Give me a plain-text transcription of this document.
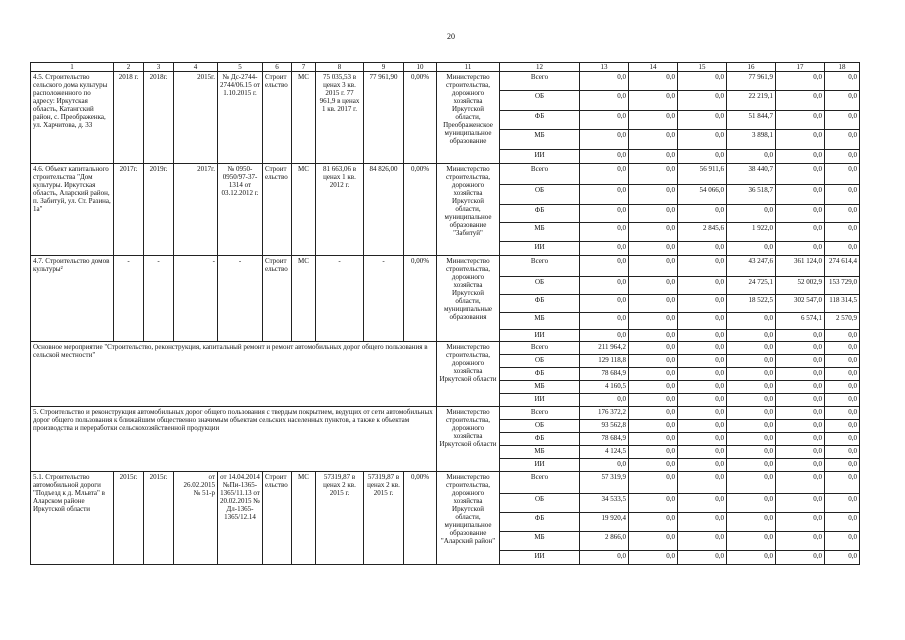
20
1	2	3	4	5	6	7	8	9	10	11	12	13	14	15	16	17	18
4.5. Строительство сельского дома культуры расположенного по адресу: Иркутская область, Катангский район, с. Преображенка, ул. Харчитова, д. 33	2018 г.	2018г.	2015г.	№ Дс-2744-2744/06.15 от 1.10.2015 г.	Строительство	МС	75 035,53 в ценах 3 кв. 2015 г. 77 961,9 в ценах 1 кв. 2017 г.	77 961,90	0,00%	Министерство строительства, дорожного хозяйства Иркутской области, Преображенское муниципальное образование	Всего	0,0	0,0	0,0	77 961,9	0,0	0,0
											ОБ	0,0	0,0	0,0	22 219,1	0,0	0,0
											ФБ	0,0	0,0	0,0	51 844,7	0,0	0,0
											МБ	0,0	0,0	0,0	3 898,1	0,0	0,0
											ИИ	0,0	0,0	0,0	0,0	0,0	0,0
4.6. Объект капитального строительства "Дом культуры. Иркутская область, Аларский район, п. Забитуй, ул. Ст. Разина, 1а"	2017г.	2019г.	2017г.	№ 0950-0950/97-37-1314 от 03.12.2012 г.	Строительство	МС	81 663,06 в ценах 1 кв. 2012 г.	84 826,00	0,00%	Министерство строительства, дорожного хозяйства Иркутской области, муниципальное образование "Забитуй"	Всего	0,0	0,0	56 911,6	38 440,7	0,0	0,0
											ОБ	0,0	0,0	54 066,0	36 518,7	0,0	0,0
											ФБ	0,0	0,0	0,0	0,0	0,0	0,0
											МБ	0,0	0,0	2 845,6	1 922,0	0,0	0,0
											ИИ	0,0	0,0	0,0	0,0	0,0	0,0
4.7. Строительство домов культуры²	-	-	-	-	Строительство	МС	-	-	0,00%	Министерство строительства, дорожного хозяйства Иркутской области, муниципальные образования	Всего	0,0	0,0	0,0	43 247,6	361 124,0	274 614,4
											ОБ	0,0	0,0	0,0	24 725,1	52 002,9	153 729,0
											ФБ	0,0	0,0	0,0	18 522,5	302 547,0	118 314,5
											МБ	0,0	0,0	0,0	0,0	6 574,1	2 570,9
											ИИ	0,0	0,0	0,0	0,0	0,0	0,0
Основное мероприятие "Строительство, реконструкция, капитальный ремонт и ремонт автомобильных дорог общего пользования в сельской местности"										Министерство строительства, дорожного хозяйства Иркутской области	Всего	211 964,2	0,0	0,0	0,0	0,0	0,0
											ОБ	129 118,8	0,0	0,0	0,0	0,0	0,0
											ФБ	78 684,9	0,0	0,0	0,0	0,0	0,0
											МБ	4 160,5	0,0	0,0	0,0	0,0	0,0
											ИИ	0,0	0,0	0,0	0,0	0,0	0,0
5. Строительство и реконструкция автомобильных дорог общего пользования с твердым покрытием, ведущих от сети автомобильных дорог общего пользования к ближайшим общественно значимым объектам сельских населенных пунктов, а также к объектам производства и переработки сельскохозяйственной продукции										Министерство строительства, дорожного хозяйства Иркутской области	Всего	176 372,2	0,0	0,0	0,0	0,0	0,0
											ОБ	93 562,8	0,0	0,0	0,0	0,0	0,0
											ФБ	78 684,9	0,0	0,0	0,0	0,0	0,0
											МБ	4 124,5	0,0	0,0	0,0	0,0	0,0
											ИИ	0,0	0,0	0,0	0,0	0,0	0,0
5.1. Строительство автомобильной дороги "Подъезд к д. Мльвта" в Аларском районе Иркутской области	2015г.	2015г.	от 26.02.2015 № 51-р	от 14.04.2014 №Пи-1365-1365/11.13 от 20.02.2015 № Дл-1365-1365/12.14	Строительство	МС	57319,87 в ценах 2 кв. 2015 г.	57319,87 в ценах 2 кв. 2015 г.	0,00%	Министерство строительства, дорожного хозяйства Иркутской области, муниципальное образование "Аларский район"	Всего	57 319,9	0,0	0,0	0,0	0,0	0,0
											ОБ	34 533,5	0,0	0,0	0,0	0,0	0,0
											ФБ	19 920,4	0,0	0,0	0,0	0,0	0,0
											МБ	2 866,0	0,0	0,0	0,0	0,0	0,0
											ИИ	0,0	0,0	0,0	0,0	0,0	0,0
